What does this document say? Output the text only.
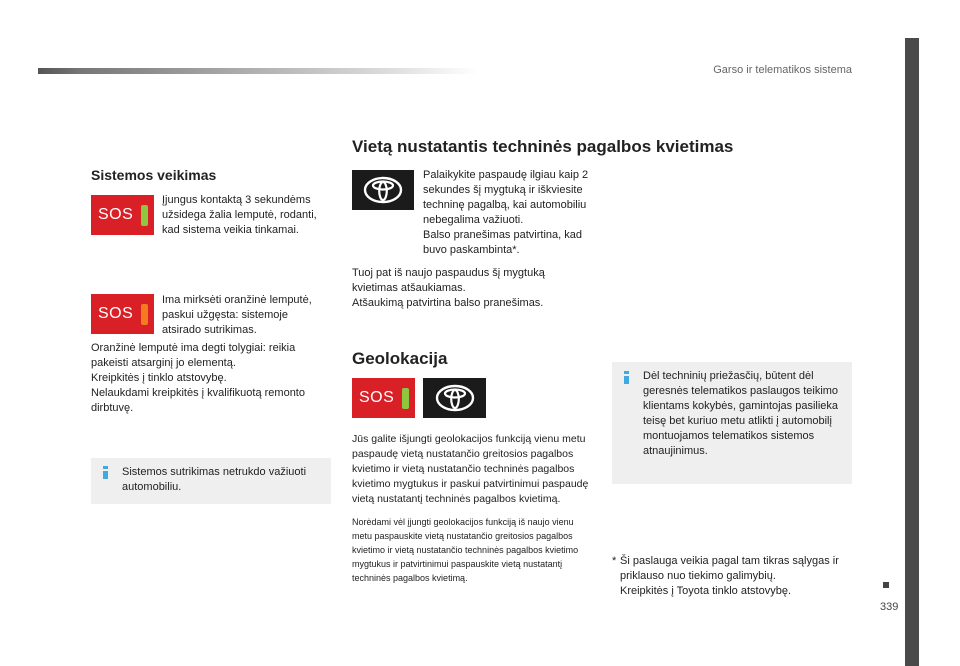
Garso ir telematikos sistema
339
Sistemos veikimas
SOS
Įjungus kontaktą 3 sekundėms užsidega žalia lemputė, rodanti, kad sistema veikia tinkamai.
SOS
Ima mirksėti oranžinė lemputė, paskui užgęsta: sistemoje atsirado sutrikimas.
Oranžinė lemputė ima degti tolygiai: reikia pakeisti atsarginį jo elementą.
Kreipkitės į tinklo atstovybę.
Nelaukdami kreipkitės į kvalifikuotą remonto dirbtuvę.
Sistemos sutrikimas netrukdo važiuoti automobiliu.
Vietą nustatantis techninės pagalbos kvietimas
Palaikykite paspaudę ilgiau kaip 2 sekundes šį mygtuką ir iškviesite techninę pagalbą, kai automobiliu nebegalima važiuoti.
Balso pranešimas patvirtina, kad buvo paskambinta*.
Tuoj pat iš naujo paspaudus šį mygtuką kvietimas atšaukiamas.
Atšaukimą patvirtina balso pranešimas.
Geolokacija
SOS
Jūs galite išjungti geolokacijos funkciją vienu metu paspaudę vietą nustatančio greitosios pagalbos kvietimo ir vietą nustatančio techninės pagalbos kvietimo mygtukus ir paskui patvirtinimui paspaudę vietą nustatantį techninės pagalbos kvietimą.
Norėdami vėl įjungti geolokacijos funkciją iš naujo vienu metu paspauskite vietą nustatančio greitosios pagalbos kvietimo ir vietą nustatančio techninės pagalbos kvietimo mygtukus ir patvirtinimui paspauskite vietą nustatantį techninės pagalbos kvietimą.
Dėl techninių priežasčių, būtent dėl geresnės telematikos paslaugos teikimo klientams kokybės, gamintojas pasilieka teisę bet kuriuo metu atlikti į automobilį montuojamos telematikos sistemos atnaujinimus.
* Ši paslauga veikia pagal tam tikras sąlygas ir priklauso nuo tiekimo galimybių.
Kreipkitės į Toyota tinklo atstovybę.
